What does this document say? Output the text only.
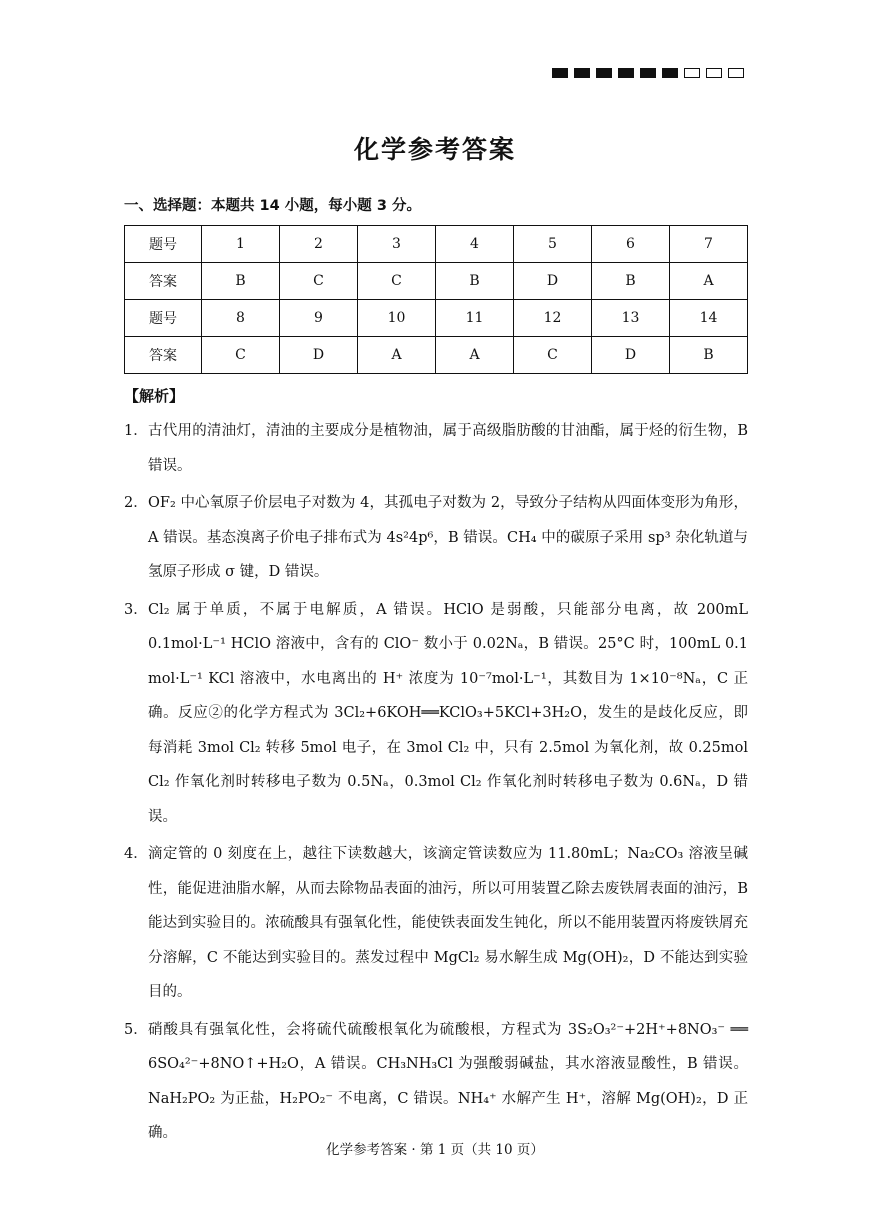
化学参考答案
一、选择题：本题共 14 小题，每小题 3 分。
题号	1	2	3	4	5	6	7
答案	B	C	C	B	D	B	A
题号	8	9	10	11	12	13	14
答案	C	D	A	A	C	D	B
【解析】
1． 古代用的清油灯，清油的主要成分是植物油，属于高级脂肪酸的甘油酯，属于烃的衍生物，B 错误。
2． OF₂ 中心氧原子价层电子对数为 4，其孤电子对数为 2，导致分子结构从四面体变形为角形，A 错误。基态溴离子价电子排布式为 4s²4p⁶，B 错误。CH₄ 中的碳原子采用 sp³ 杂化轨道与氢原子形成 σ 键，D 错误。
3． Cl₂ 属于单质，不属于电解质，A 错误。HClO 是弱酸，只能部分电离，故 200mL 0.1mol·L⁻¹ HClO 溶液中，含有的 ClO⁻ 数小于 0.02Nₐ，B 错误。25°C 时，100mL 0.1 mol·L⁻¹ KCl 溶液中，水电离出的 H⁺ 浓度为 10⁻⁷mol·L⁻¹，其数目为 1×10⁻⁸Nₐ，C 正确。反应②的化学方程式为 3Cl₂+6KOH══KClO₃+5KCl+3H₂O，发生的是歧化反应，即每消耗 3mol Cl₂ 转移 5mol 电子，在 3mol Cl₂ 中，只有 2.5mol 为氧化剂，故 0.25mol Cl₂ 作氧化剂时转移电子数为 0.5Nₐ，0.3mol Cl₂ 作氧化剂时转移电子数为 0.6Nₐ，D 错误。
4． 滴定管的 0 刻度在上，越往下读数越大，该滴定管读数应为 11.80mL；Na₂CO₃ 溶液呈碱性，能促进油脂水解，从而去除物品表面的油污，所以可用装置乙除去废铁屑表面的油污，B 能达到实验目的。浓硫酸具有强氧化性，能使铁表面发生钝化，所以不能用装置丙将废铁屑充分溶解，C 不能达到实验目的。蒸发过程中 MgCl₂ 易水解生成 Mg(OH)₂，D 不能达到实验目的。
5． 硝酸具有强氧化性，会将硫代硫酸根氧化为硫酸根，方程式为 3S₂O₃²⁻+2H⁺+8NO₃⁻ ══ 6SO₄²⁻+8NO↑+H₂O，A 错误。CH₃NH₃Cl 为强酸弱碱盐，其水溶液显酸性，B 错误。NaH₂PO₂ 为正盐，H₂PO₂⁻ 不电离，C 错误。NH₄⁺ 水解产生 H⁺，溶解 Mg(OH)₂，D 正确。
化学参考答案 · 第 1 页（共 10 页）
